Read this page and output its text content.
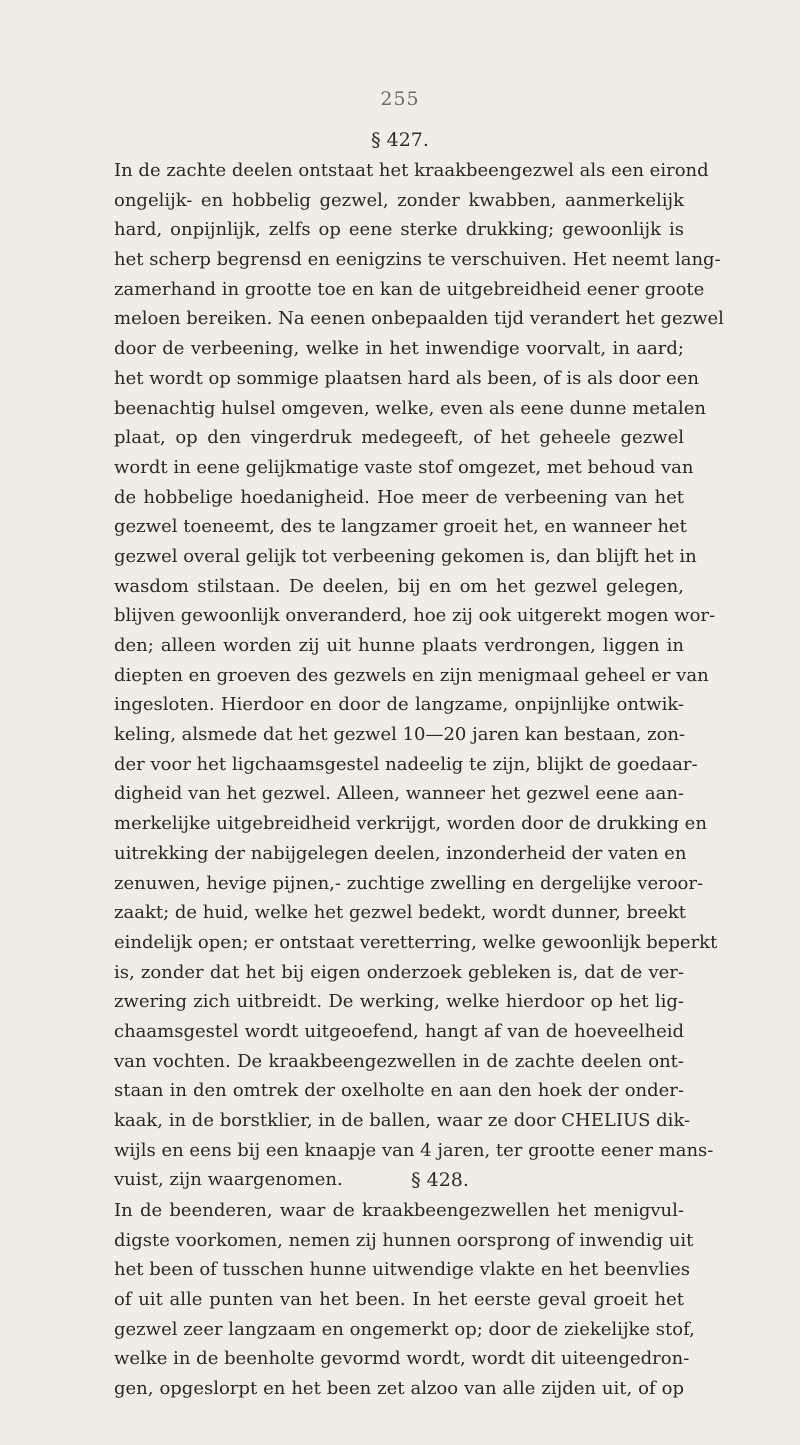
255
§ 427.
In de zachte deelen ontstaat het kraakbeengezwel als een eirond
ongelijk- en hobbelig gezwel, zonder kwabben, aanmerkelijk
hard, onpijnlijk, zelfs op eene sterke drukking; gewoonlijk is
het scherp begrensd en eenigzins te verschuiven. Het neemt lang-
zamerhand in grootte toe en kan de uitgebreidheid eener groote
meloen bereiken. Na eenen onbepaalden tijd verandert het gezwel
door de verbeening, welke in het inwendige voorvalt, in aard;
het wordt op sommige plaatsen hard als been, of is als door een
beenachtig hulsel omgeven, welke, even als eene dunne metalen
plaat, op den vingerdruk medegeeft, of het geheele gezwel
wordt in eene gelijkmatige vaste stof omgezet, met behoud van
de hobbelige hoedanigheid. Hoe meer de verbeening van het
gezwel toeneemt, des te langzamer groeit het, en wanneer het
gezwel overal gelijk tot verbeening gekomen is, dan blijft het in
wasdom stilstaan. De deelen, bij en om het gezwel gelegen,
blijven gewoonlijk onveranderd, hoe zij ook uitgerekt mogen wor-
den; alleen worden zij uit hunne plaats verdrongen, liggen in
diepten en groeven des gezwels en zijn menigmaal geheel er van
ingesloten. Hierdoor en door de langzame, onpijnlijke ontwik-
keling, alsmede dat het gezwel 10—20 jaren kan bestaan, zon-
der voor het ligchaamsgestel nadeelig te zijn, blijkt de goedaar-
digheid van het gezwel. Alleen, wanneer het gezwel eene aan-
merkelijke uitgebreidheid verkrijgt, worden door de drukking en
uitrekking der nabijgelegen deelen, inzonderheid der vaten en
zenuwen, hevige pijnen,- zuchtige zwelling en dergelijke veroor-
zaakt; de huid, welke het gezwel bedekt, wordt dunner, breekt
eindelijk open; er ontstaat veretterring, welke gewoonlijk beperkt
is, zonder dat het bij eigen onderzoek gebleken is, dat de ver-
zwering zich uitbreidt. De werking, welke hierdoor op het lig-
chaamsgestel wordt uitgeoefend, hangt af van de hoeveelheid
van vochten. De kraakbeengezwellen in de zachte deelen ont-
staan in den omtrek der oxelholte en aan den hoek der onder-
kaak, in de borstklier, in de ballen, waar ze door CHELIUS dik-
wijls en eens bij een knaapje van 4 jaren, ter grootte eener mans-
vuist, zijn waargenomen.	§ 428.
In de beenderen, waar de kraakbeengezwellen het menigvul-
digste voorkomen, nemen zij hunnen oorsprong of inwendig uit
het been of tusschen hunne uitwendige vlakte en het beenvlies
of uit alle punten van het been. In het eerste geval groeit het
gezwel zeer langzaam en ongemerkt op; door de ziekelijke stof,
welke in de beenholte gevormd wordt, wordt dit uiteengedron-
gen, opgeslorpt en het been zet alzoo van alle zijden uit, of op
